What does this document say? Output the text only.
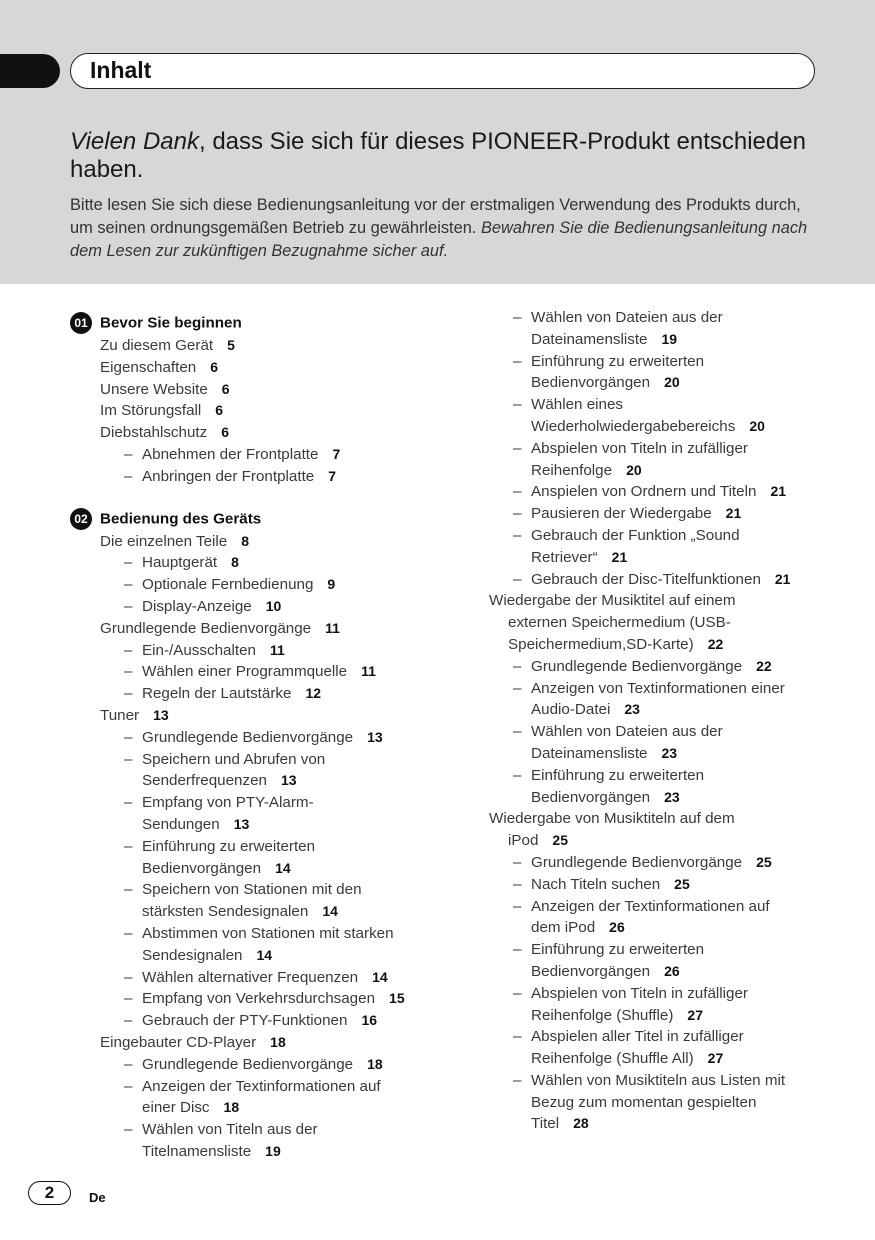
Inhalt
Vielen Dank, dass Sie sich für dieses PIONEER-Produkt entschieden haben.
Bitte lesen Sie sich diese Bedienungsanleitung vor der erstmaligen Verwendung des Produkts durch, um seinen ordnungsgemäßen Betrieb zu gewährleisten. Bewahren Sie die Bedienungsanleitung nach dem Lesen zur zukünftigen Bezugnahme sicher auf.
01 Bevor Sie beginnen
Zu diesem Gerät 5
Eigenschaften 6
Unsere Website 6
Im Störungsfall 6
Diebstahlschutz 6
– Abnehmen der Frontplatte 7
– Anbringen der Frontplatte 7
02 Bedienung des Geräts
Die einzelnen Teile 8
– Hauptgerät 8
– Optionale Fernbedienung 9
– Display-Anzeige 10
Grundlegende Bedienvorgänge 11
– Ein-/Ausschalten 11
– Wählen einer Programmquelle 11
– Regeln der Lautstärke 12
Tuner 13
– Grundlegende Bedienvorgänge 13
– Speichern und Abrufen von
Senderfrequenzen 13
– Empfang von PTY-Alarm-
Sendungen 13
– Einführung zu erweiterten
Bedienvorgängen 14
– Speichern von Stationen mit den
stärksten Sendesignalen 14
– Abstimmen von Stationen mit starken
Sendesignalen 14
– Wählen alternativer Frequenzen 14
– Empfang von Verkehrsdurchsagen 15
– Gebrauch der PTY-Funktionen 16
Eingebauter CD-Player 18
– Grundlegende Bedienvorgänge 18
– Anzeigen der Textinformationen auf
einer Disc 18
– Wählen von Titeln aus der
Titelnamensliste 19
– Wählen von Dateien aus der
Dateinamensliste 19
– Einführung zu erweiterten
Bedienvorgängen 20
– Wählen eines
Wiederholwiedergabebereichs 20
– Abspielen von Titeln in zufälliger
Reihenfolge 20
– Anspielen von Ordnern und Titeln 21
– Pausieren der Wiedergabe 21
– Gebrauch der Funktion „Sound
Retriever“ 21
– Gebrauch der Disc-Titelfunktionen 21
Wiedergabe der Musiktitel auf einem
externen Speichermedium (USB-
Speichermedium,SD-Karte) 22
– Grundlegende Bedienvorgänge 22
– Anzeigen von Textinformationen einer
Audio-Datei 23
– Wählen von Dateien aus der
Dateinamensliste 23
– Einführung zu erweiterten
Bedienvorgängen 23
Wiedergabe von Musiktiteln auf dem
iPod 25
– Grundlegende Bedienvorgänge 25
– Nach Titeln suchen 25
– Anzeigen der Textinformationen auf
dem iPod 26
– Einführung zu erweiterten
Bedienvorgängen 26
– Abspielen von Titeln in zufälliger
Reihenfolge (Shuffle) 27
– Abspielen aller Titel in zufälliger
Reihenfolge (Shuffle All) 27
– Wählen von Musiktiteln aus Listen mit
Bezug zum momentan gespielten
Titel 28
2	De
